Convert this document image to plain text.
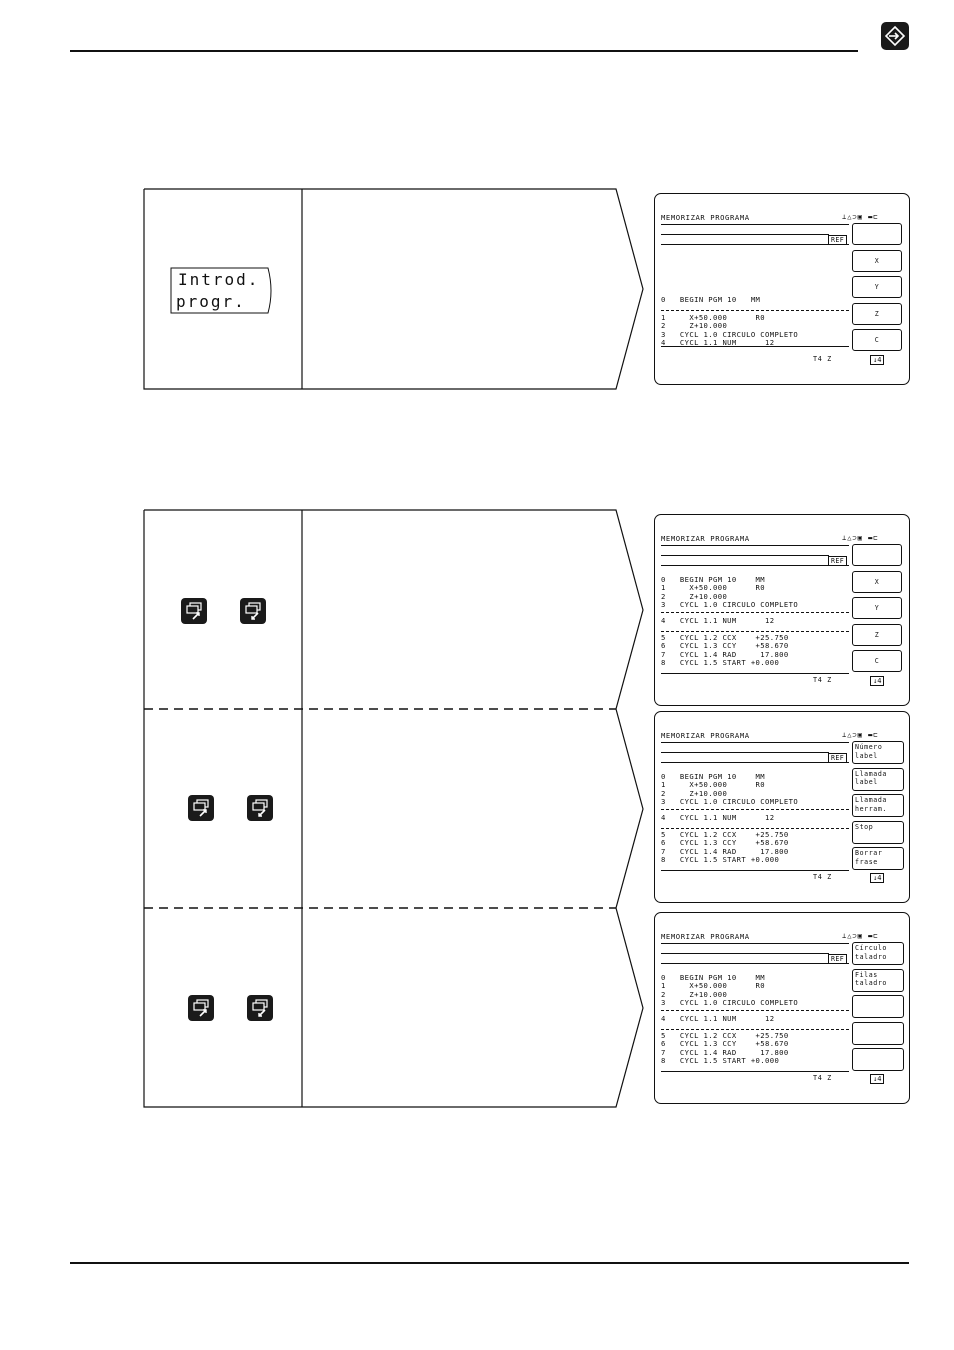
Introd.
progr.
MEMORIZAR PROGRAMA	⊥△⊃▣ ▬⊏
REF
0   BEGIN PGM 10   MM
1     X+50.000      R0
2     Z+10.000
3   CYCL 1.0 CIRCULO COMPLETO
4   CYCL 1.1 NUM      12
T4 Z	↓4
X
Y
Z
C
MEMORIZAR PROGRAMA	⊥△⊃▣ ▬⊏
REF
0   BEGIN PGM 10    MM
1     X+50.000      R0
2     Z+10.000
3   CYCL 1.0 CIRCULO COMPLETO
4   CYCL 1.1 NUM      12
5   CYCL 1.2 CCX    +25.750
6   CYCL 1.3 CCY    +58.670
7   CYCL 1.4 RAD     17.800
8   CYCL 1.5 START +0.000
T4 Z	↓4
X
Y
Z
C
MEMORIZAR PROGRAMA	⊥△⊃▣ ▬⊏
REF
0   BEGIN PGM 10    MM
1     X+50.000      R0
2     Z+10.000
3   CYCL 1.0 CIRCULO COMPLETO
4   CYCL 1.1 NUM      12
5   CYCL 1.2 CCX    +25.750
6   CYCL 1.3 CCY    +58.670
7   CYCL 1.4 RAD     17.800
8   CYCL 1.5 START +0.000
T4 Z	↓4
Número
label
Llamada
label
Llamada
herram.
Stop
Borrar
frase
MEMORIZAR PROGRAMA	⊥△⊃▣ ▬⊏
REF
0   BEGIN PGM 10    MM
1     X+50.000      R0
2     Z+10.000
3   CYCL 1.0 CIRCULO COMPLETO
4   CYCL 1.1 NUM      12
5   CYCL 1.2 CCX    +25.750
6   CYCL 1.3 CCY    +58.670
7   CYCL 1.4 RAD     17.800
8   CYCL 1.5 START +0.000
T4 Z	↓4
Círculo
taladro
Filas
taladro
